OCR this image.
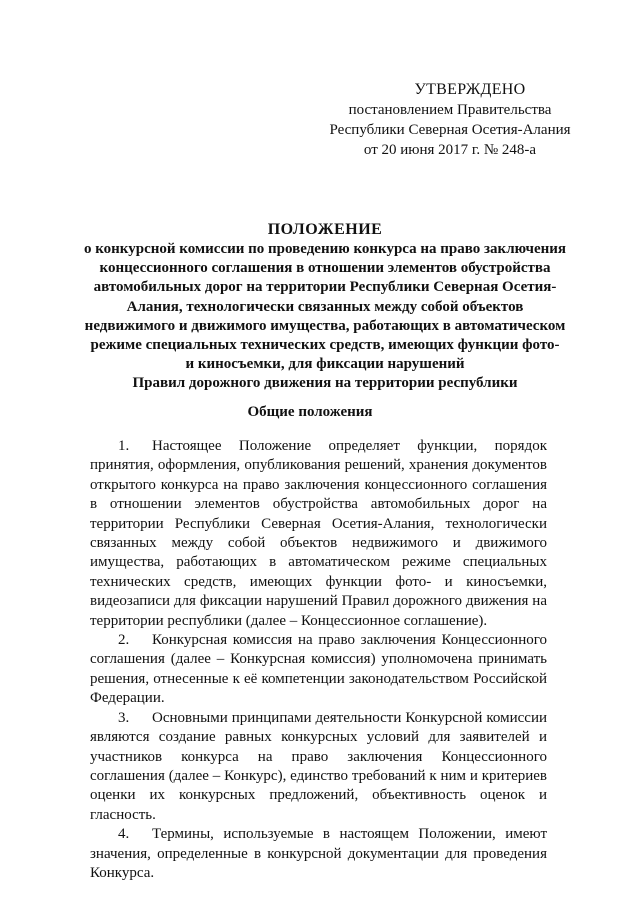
УТВЕРЖДЕНО
постановлением Правительства
Республики Северная Осетия-Алания
от 20 июня 2017 г. № 248-а
ПОЛОЖЕНИЕ
о конкурсной комиссии по проведению конкурса на право заключения
концессионного соглашения в отношении элементов обустройства
автомобильных дорог на территории Республики Северная Осетия-
Алания, технологически связанных между собой объектов
недвижимого и движимого имущества, работающих в автоматическом
режиме специальных технических средств, имеющих функции фото-
и киносъемки, для фиксации нарушений
Правил дорожного движения на территории республики
Общие положения

1. Настоящее Положение определяет функции, порядок принятия, оформления, опубликования решений, хранения документов открытого конкурса на право заключения концессионного соглашения в отношении элементов обустройства автомобильных дорог на территории Республики Северная Осетия-Алания, технологически связанных между собой объектов недвижимого и движимого имущества, работающих в автоматическом режиме специальных технических средств, имеющих функции фото- и киносъемки, видеозаписи для фиксации нарушений Правил дорожного движения на территории республики (далее – Концессионное соглашение).

2. Конкурсная комиссия на право заключения Концессионного соглашения (далее – Конкурсная комиссия) уполномочена принимать решения, отнесенные к её компетенции законодательством Российской Федерации.

3. Основными принципами деятельности Конкурсной комиссии являются создание равных конкурсных условий для заявителей и участников конкурса на право заключения Концессионного соглашения (далее – Конкурс), единство требований к ним и критериев оценки их конкурсных предложений, объективность оценок и гласность.

4. Термины, используемые в настоящем Положении, имеют значения, определенные в конкурсной документации для проведения Конкурса.
